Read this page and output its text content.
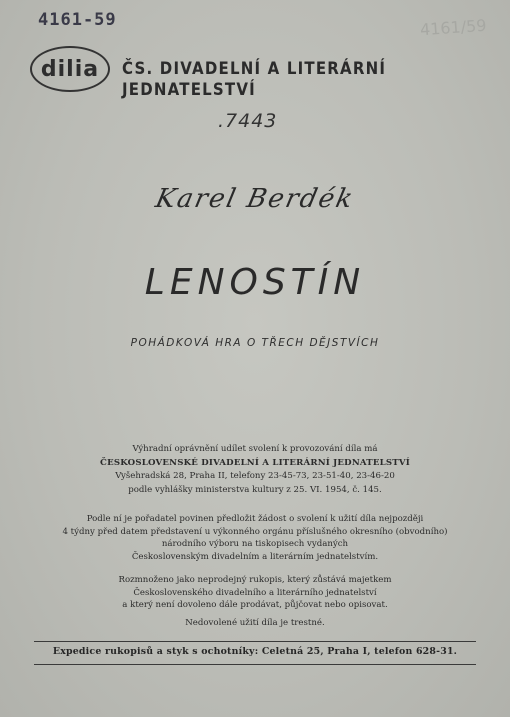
4161-59	4161/59
dilia ČS. DIVADELNÍ A LITERÁRNÍ JEDNATELSTVÍ
.7443
Karel Berdék
LENOSTÍN
POHÁDKOVÁ HRA O TŘECH DĚJSTVÍCH
Výhradní oprávnění udílet svolení k provozování díla má
ČESKOSLOVENSKÉ DIVADELNÍ A LITERÁRNÍ JEDNATELSTVÍ
Vyšehradská 28, Praha II, telefony 23-45-73, 23-51-40, 23-46-20
podle vyhlášky ministerstva kultury z 25. VI. 1954, č. 145.
Podle ní je pořadatel povinen předložit žádost o svolení k užití díla nejpozději
4 týdny před datem představení u výkonného orgánu příslušného okresního (obvodního)
národního výboru na tiskopisech vydaných
Československým divadelním a literárním jednatelstvím.
Rozmnoženo jako neprodejný rukopis, který zůstává majetkem
Československého divadelního a literárního jednatelství
a který není dovoleno dále prodávat, půjčovat nebo opisovat.
Nedovolené užití díla je trestné.
Expedice rukopisů a styk s ochotníky: Celetná 25, Praha I, telefon 628-31.
